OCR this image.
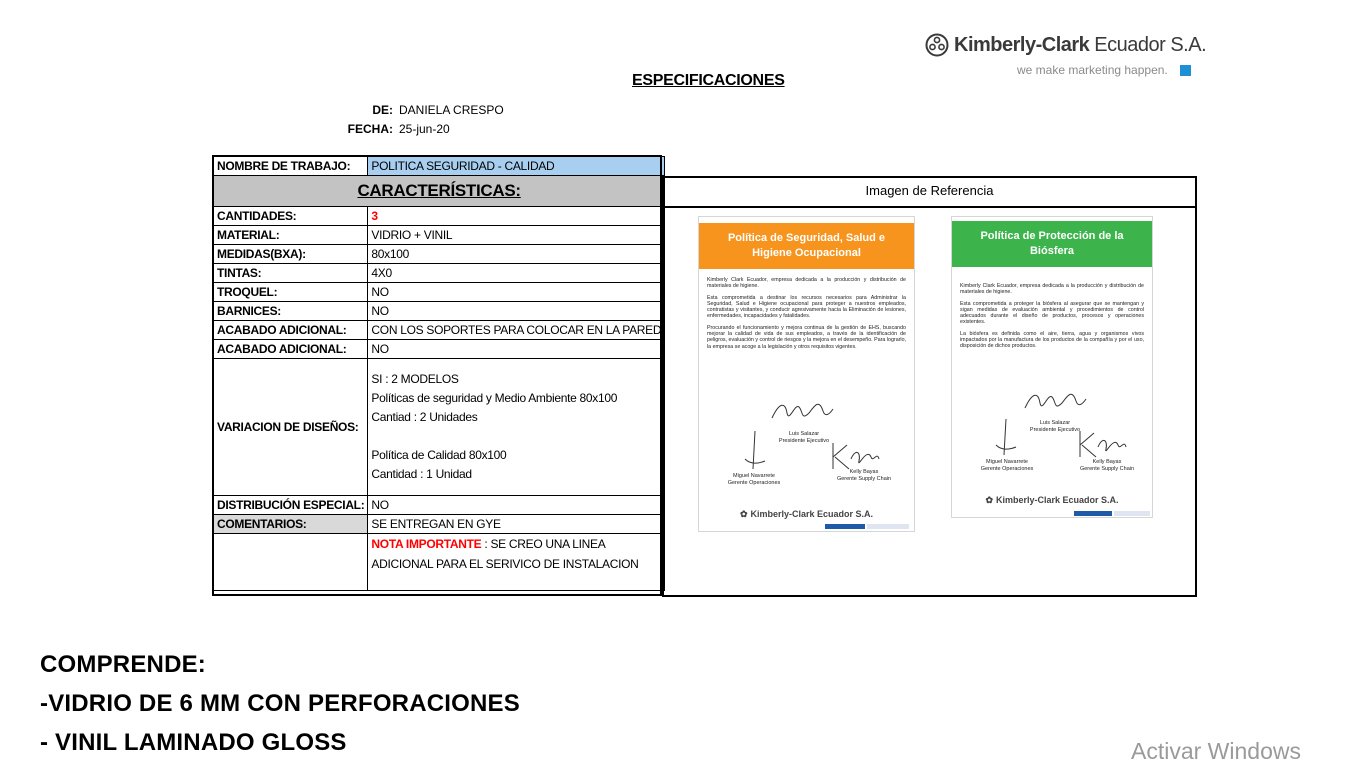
Kimberly-Clark Ecuador S.A.
we make marketing happen.
ESPECIFICACIONES
DE: DANIELA CRESPO
FECHA: 25-jun-20
NOMBRE DE TRABAJO:	POLITICA SEGURIDAD - CALIDAD
CARACTERÍSTICAS:	
CANTIDADES:	3
MATERIAL:	VIDRIO + VINIL
MEDIDAS(BXA):	80x100
TINTAS:	4X0
TROQUEL:	NO
BARNICES:	NO
ACABADO ADICIONAL:	CON LOS SOPORTES PARA COLOCAR EN LA PARED
ACABADO ADICIONAL:	NO
VARIACION DE DISEÑOS:	SI : 2 MODELOS
Políticas de seguridad y Medio Ambiente 80x100
Cantiad : 2 Unidades

Política de Calidad 80x100
Cantidad : 1 Unidad

DISTRIBUCIÓN ESPECIAL:	NO
COMENTARIOS:	SE ENTREGAN EN GYE
	NOTA IMPORTANTE : SE CREO UNA LINEA ADICIONAL PARA EL SERIVICO DE INSTALACION
Imagen de Referencia
Política de Seguridad, Salud e Higiene Ocupacional

Kimberly Clark Ecuador, empresa dedicada a la producción y distribución de materiales de higiene.

Esta comprometida a destinar los recursos necesarios para Administrar la Seguridad, Salud e Higiene ocupacional para proteger a nuestros empleados, contratistas y visitantes, y conducir agresivamente hacia la Eliminación de lesiones, enfermedades, incapacidades y fatalidades.

Procurando el funcionamiento y mejora continua de la gestión de EHS, buscando mejorar la calidad de vida de sus empleados, a través de la identificación de peligros, evaluación y control de riesgos y la mejora en el desempeño. Para lograrlo, la empresa se acoge a la legislación y otros requisitos vigentes.

Luis Salazar
Presidente Ejecutivo
Miguel Navarrete
Gerente Operaciones
Kelly Bayas
Gerente Supply Chain
✿ Kimberly-Clark Ecuador S.A.
Política de Protección de la Biósfera

Kimberly Clark Ecuador, empresa dedicada a la producción y distribución de materiales de higiene.

Esta comprometida a proteger la biósfera al asegurar que se mantengan y sigan medidas de evaluación ambiental y procedimientos de control adecuados durante el diseño de productos, procesos y operaciones existentes.

La biósfera es definida como el aire, tierra, agua y organismos vivos impactados por la manufactura de los productos de la compañía y por el uso, disposición de dichos productos.

Luis Salazar
Presidente Ejecutivo
Miguel Navarrete
Gerente Operaciones
Kelly Bayas
Gerente Supply Chain
✿ Kimberly-Clark Ecuador S.A.
COMPRENDE:
-VIDRIO DE 6 MM CON PERFORACIONES
- VINIL LAMINADO GLOSS	Activar Windows
